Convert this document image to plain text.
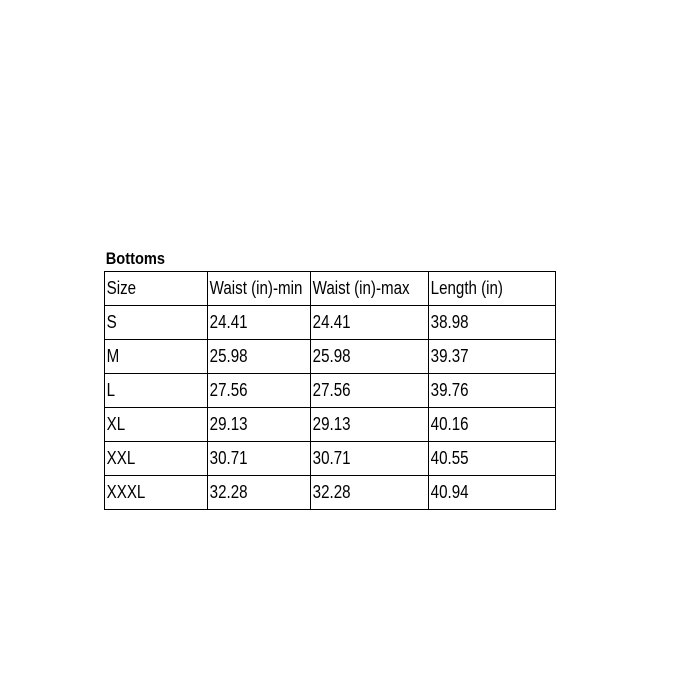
Bottoms
Size	Waist (in)-min	Waist (in)-max	Length (in)
S	24.41	24.41	38.98
M	25.98	25.98	39.37
L	27.56	27.56	39.76
XL	29.13	29.13	40.16
XXL	30.71	30.71	40.55
XXXL	32.28	32.28	40.94
